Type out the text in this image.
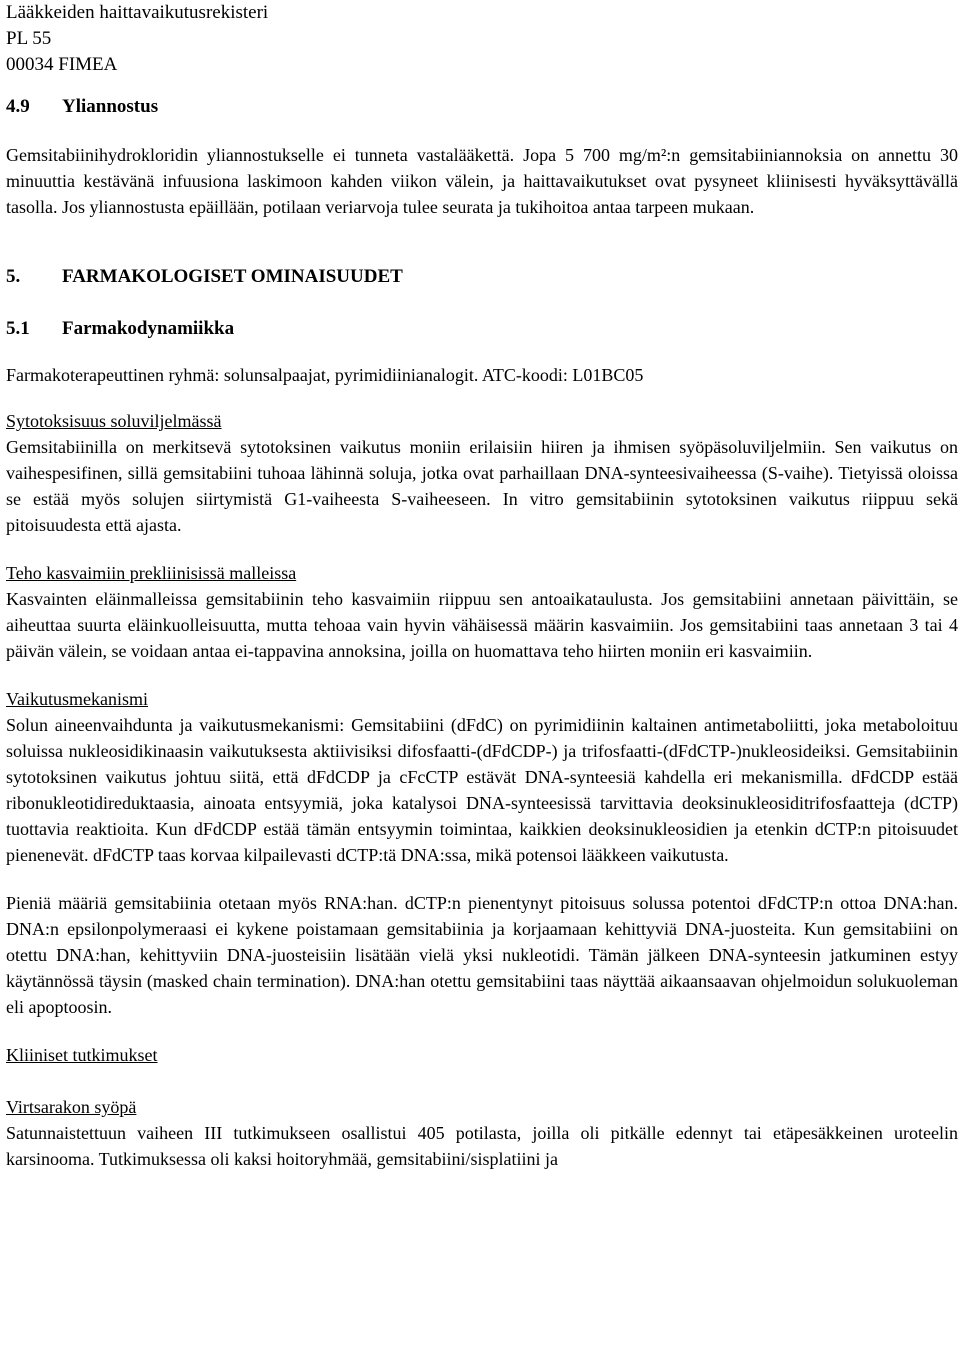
Lääkkeiden haittavaikutusrekisteri

PL 55

00034 FIMEA

4.9 Yliannostus

Gemsitabiinihydrokloridin yliannostukselle ei tunneta vastalääkettä. Jopa 5 700 mg/m²:n gemsitabiiniannoksia on annettu 30 minuuttia kestävänä infuusiona laskimoon kahden viikon välein, ja haittavaikutukset ovat pysyneet kliinisesti hyväksyttävällä tasolla. Jos yliannostusta epäillään, potilaan veriarvoja tulee seurata ja tukihoitoa antaa tarpeen mukaan.

5. FARMAKOLOGISET OMINAISUUDET

5.1 Farmakodynamiikka

Farmakoterapeuttinen ryhmä: solunsalpaajat, pyrimidiinianalogit. ATC-koodi: L01BC05

Sytotoksisuus soluviljelmässä

Gemsitabiinilla on merkitsevä sytotoksinen vaikutus moniin erilaisiin hiiren ja ihmisen syöpäsoluviljelmiin. Sen vaikutus on vaihespesifinen, sillä gemsitabiini tuhoaa lähinnä soluja, jotka ovat parhaillaan DNA-synteesivaiheessa (S-vaihe). Tietyissä oloissa se estää myös solujen siirtymistä G1-vaiheesta S-vaiheeseen. In vitro gemsitabiinin sytotoksinen vaikutus riippuu sekä pitoisuudesta että ajasta.

Teho kasvaimiin prekliinisissä malleissa

Kasvainten eläinmalleissa gemsitabiinin teho kasvaimiin riippuu sen antoaikataulusta. Jos gemsitabiini annetaan päivittäin, se aiheuttaa suurta eläinkuolleisuutta, mutta tehoaa vain hyvin vähäisessä määrin kasvaimiin. Jos gemsitabiini taas annetaan 3 tai 4 päivän välein, se voidaan antaa ei-tappavina annoksina, joilla on huomattava teho hiirten moniin eri kasvaimiin.

Vaikutusmekanismi

Solun aineenvaihdunta ja vaikutusmekanismi: Gemsitabiini (dFdC) on pyrimidiinin kaltainen antimetaboliitti, joka metaboloituu soluissa nukleosidikinaasin vaikutuksesta aktiivisiksi difosfaatti-(dFdCDP-) ja trifosfaatti-(dFdCTP-)nukleosideiksi. Gemsitabiinin sytotoksinen vaikutus johtuu siitä, että dFdCDP ja cFcCTP estävät DNA-synteesiä kahdella eri mekanismilla. dFdCDP estää ribonukleotidireduktaasia, ainoata entsyymiä, joka katalysoi DNA-synteesissä tarvittavia deoksinukleosiditrifosfaatteja (dCTP) tuottavia reaktioita. Kun dFdCDP estää tämän entsyymin toimintaa, kaikkien deoksinukleosidien ja etenkin dCTP:n pitoisuudet pienenevät. dFdCTP taas korvaa kilpailevasti dCTP:tä DNA:ssa, mikä potensoi lääkkeen vaikutusta.

Pieniä määriä gemsitabiinia otetaan myös RNA:han. dCTP:n pienentynyt pitoisuus solussa potentoi dFdCTP:n ottoa DNA:han. DNA:n epsilonpolymeraasi ei kykene poistamaan gemsitabiinia ja korjaamaan kehittyviä DNA-juosteita. Kun gemsitabiini on otettu DNA:han, kehittyviin DNA-juosteisiin lisätään vielä yksi nukleotidi. Tämän jälkeen DNA-synteesin jatkuminen estyy käytännössä täysin (masked chain termination). DNA:han otettu gemsitabiini taas näyttää aikaansaavan ohjelmoidun solukuoleman eli apoptoosin.

Kliiniset tutkimukset

Virtsarakon syöpä

Satunnaistettuun vaiheen III tutkimukseen osallistui 405 potilasta, joilla oli pitkälle edennyt tai etäpesäkkeinen uroteelin karsinooma. Tutkimuksessa oli kaksi hoitoryhmää, gemsitabiini/sisplatiini ja
